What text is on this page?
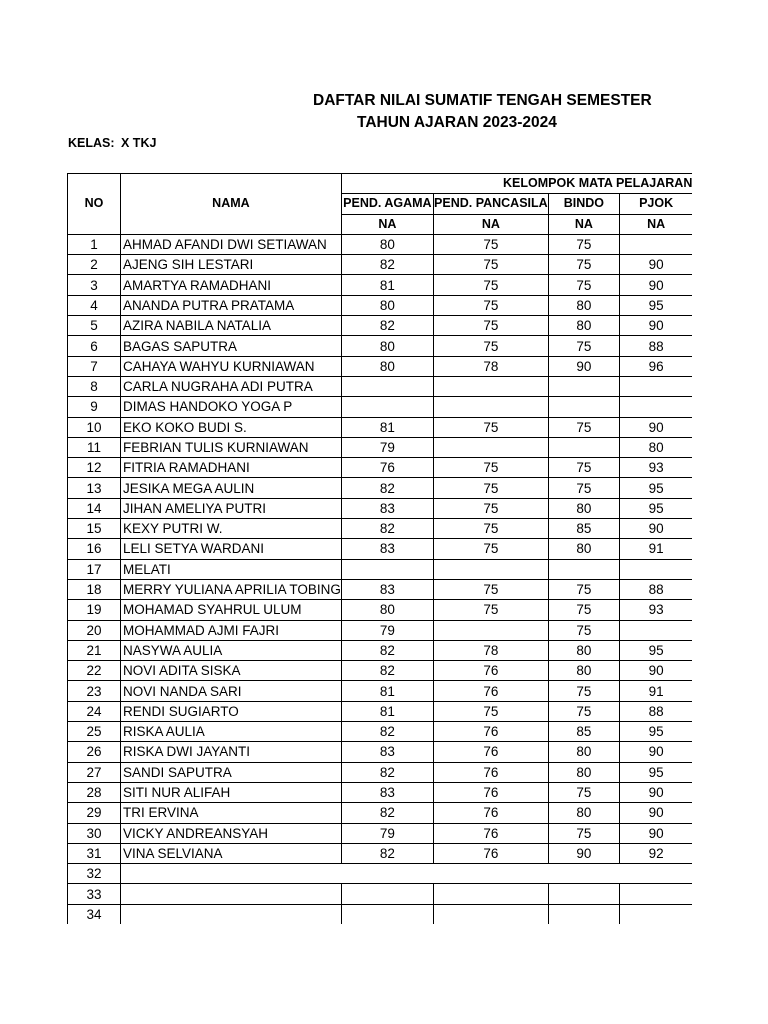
DAFTAR NILAI SUMATIF TENGAH SEMESTER
TAHUN AJARAN 2023-2024
KELAS: X TKJ
NO	NAMA	KELOMPOK MATA PELAJARAN			
		PEND. AGAMA	PEND. PANCASILA	BINDO	PJOK
		NA	NA	NA	NA
1	AHMAD AFANDI DWI SETIAWAN	80	75	75	
2	AJENG SIH LESTARI	82	75	75	90
3	AMARTYA RAMADHANI	81	75	75	90
4	ANANDA PUTRA PRATAMA	80	75	80	95
5	AZIRA NABILA NATALIA	82	75	80	90
6	BAGAS SAPUTRA	80	75	75	88
7	CAHAYA WAHYU KURNIAWAN	80	78	90	96
8	CARLA NUGRAHA ADI PUTRA				
9	DIMAS HANDOKO YOGA P				
10	EKO KOKO BUDI S.	81	75	75	90
11	FEBRIAN TULIS KURNIAWAN	79			80
12	FITRIA RAMADHANI	76	75	75	93
13	JESIKA MEGA AULIN	82	75	75	95
14	JIHAN AMELIYA PUTRI	83	75	80	95
15	KEXY PUTRI W.	82	75	85	90
16	LELI SETYA WARDANI	83	75	80	91
17	MELATI				
18	MERRY YULIANA APRILIA TOBING	83	75	75	88
19	MOHAMAD SYAHRUL ULUM	80	75	75	93
20	MOHAMMAD AJMI FAJRI	79		75	
21	NASYWA AULIA	82	78	80	95
22	NOVI ADITA SISKA	82	76	80	90
23	NOVI NANDA SARI	81	76	75	91
24	RENDI SUGIARTO	81	75	75	88
25	RISKA AULIA	82	76	85	95
26	RISKA DWI JAYANTI	83	76	80	90
27	SANDI SAPUTRA	82	76	80	95
28	SITI NUR ALIFAH	83	76	75	90
29	TRI ERVINA	82	76	80	90
30	VICKY ANDREANSYAH	79	76	75	90
31	VINA SELVIANA	82	76	90	92
32					
33					
34					
